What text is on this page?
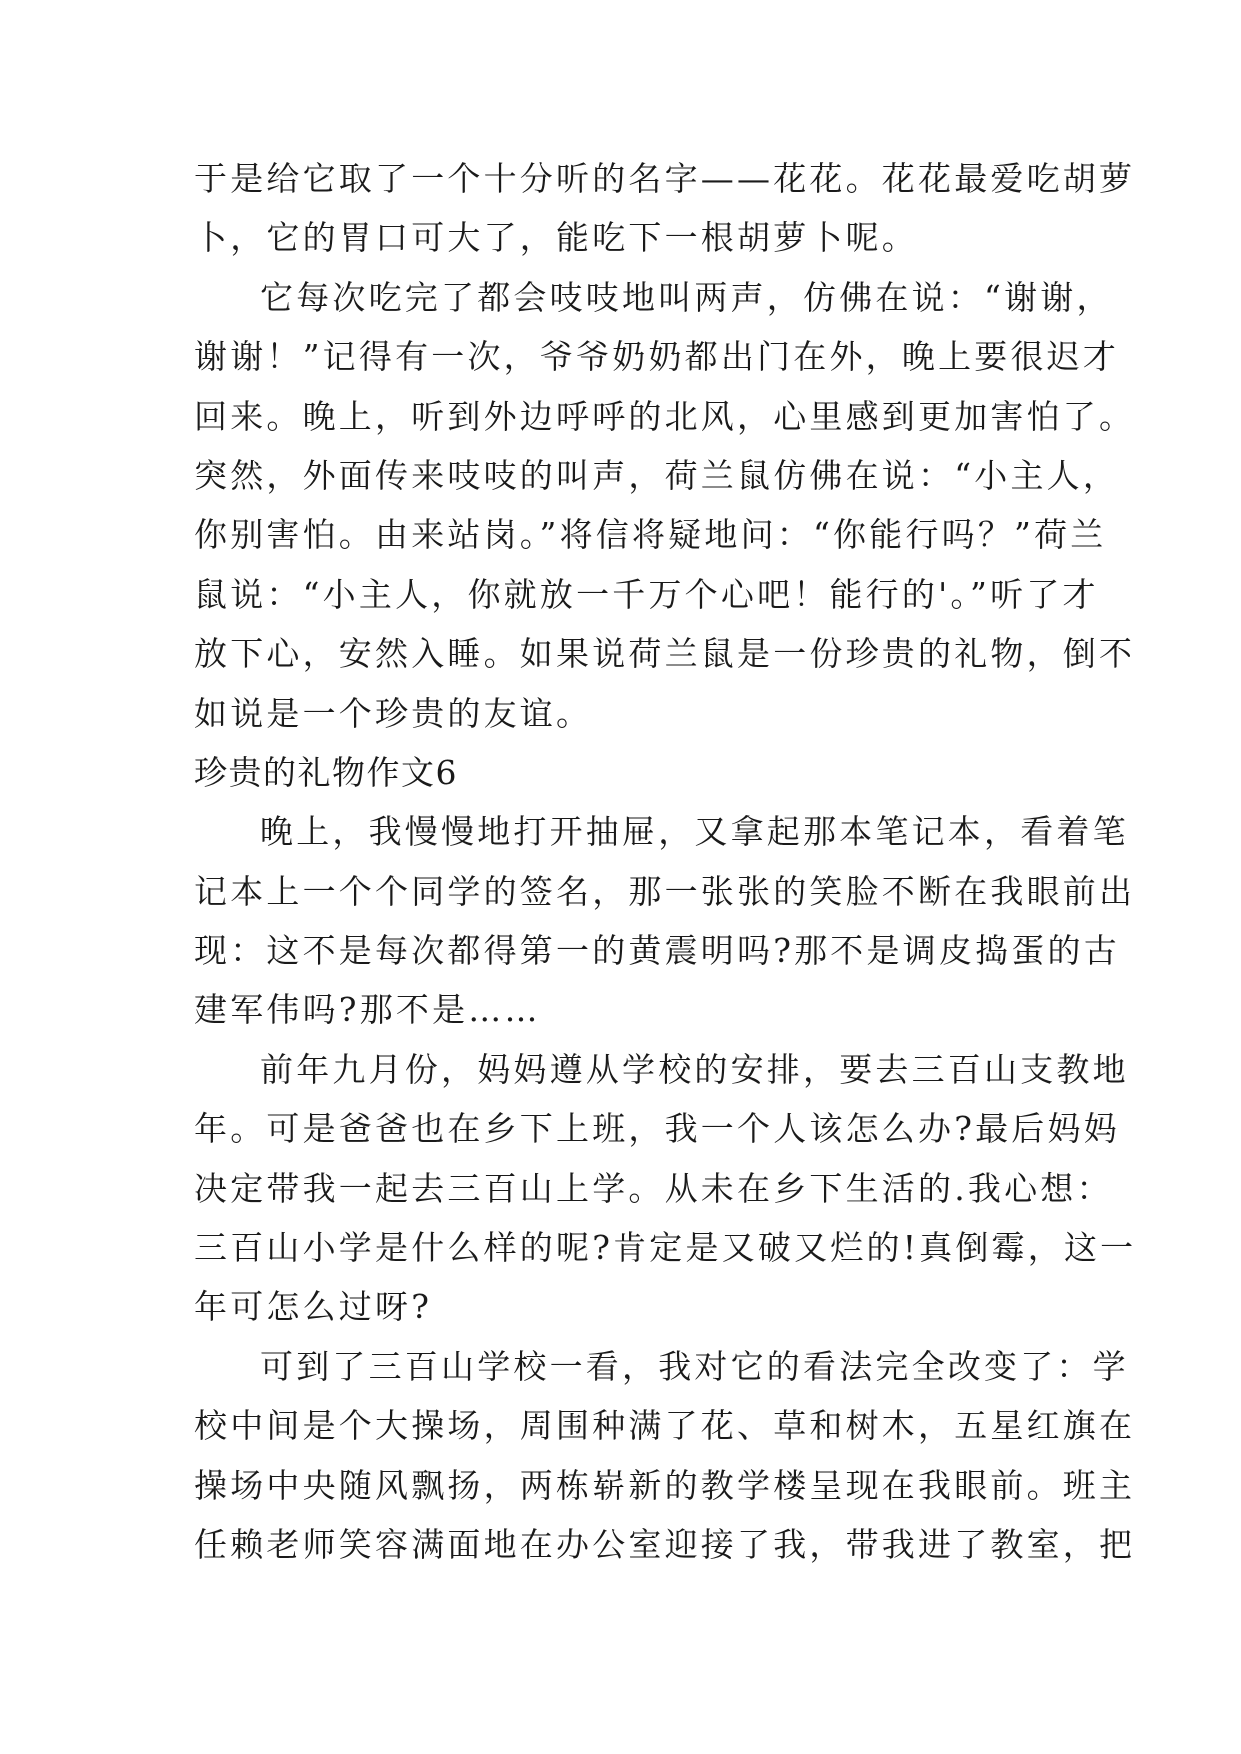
于是给它取了一个十分听的名字——花花。花花最爱吃胡萝
卜，它的胃口可大了，能吃下一根胡萝卜呢。
它每次吃完了都会吱吱地叫两声，仿佛在说：“谢谢，
谢谢！”记得有一次，爷爷奶奶都出门在外，晚上要很迟才
回来。晚上，听到外边呼呼的北风，心里感到更加害怕了。
突然，外面传来吱吱的叫声，荷兰鼠仿佛在说：“小主人，
你别害怕。由来站岗。”将信将疑地问：“你能行吗？”荷兰
鼠说：“小主人，你就放一千万个心吧！能行的'。”听了才
放下心，安然入睡。如果说荷兰鼠是一份珍贵的礼物，倒不
如说是一个珍贵的友谊。
珍贵的礼物作文6
晚上，我慢慢地打开抽屉，又拿起那本笔记本，看着笔
记本上一个个同学的签名，那一张张的笑脸不断在我眼前出
现：这不是每次都得第一的黄震明吗?那不是调皮捣蛋的古
建军伟吗?那不是……
前年九月份，妈妈遵从学校的安排，要去三百山支教地
年。可是爸爸也在乡下上班，我一个人该怎么办?最后妈妈
决定带我一起去三百山上学。从未在乡下生活的.我心想：
三百山小学是什么样的呢?肯定是又破又烂的!真倒霉，这一
年可怎么过呀?
可到了三百山学校一看，我对它的看法完全改变了：学
校中间是个大操场，周围种满了花、草和树木，五星红旗在
操场中央随风飘扬，两栋崭新的教学楼呈现在我眼前。班主
任赖老师笑容满面地在办公室迎接了我，带我进了教室，把
